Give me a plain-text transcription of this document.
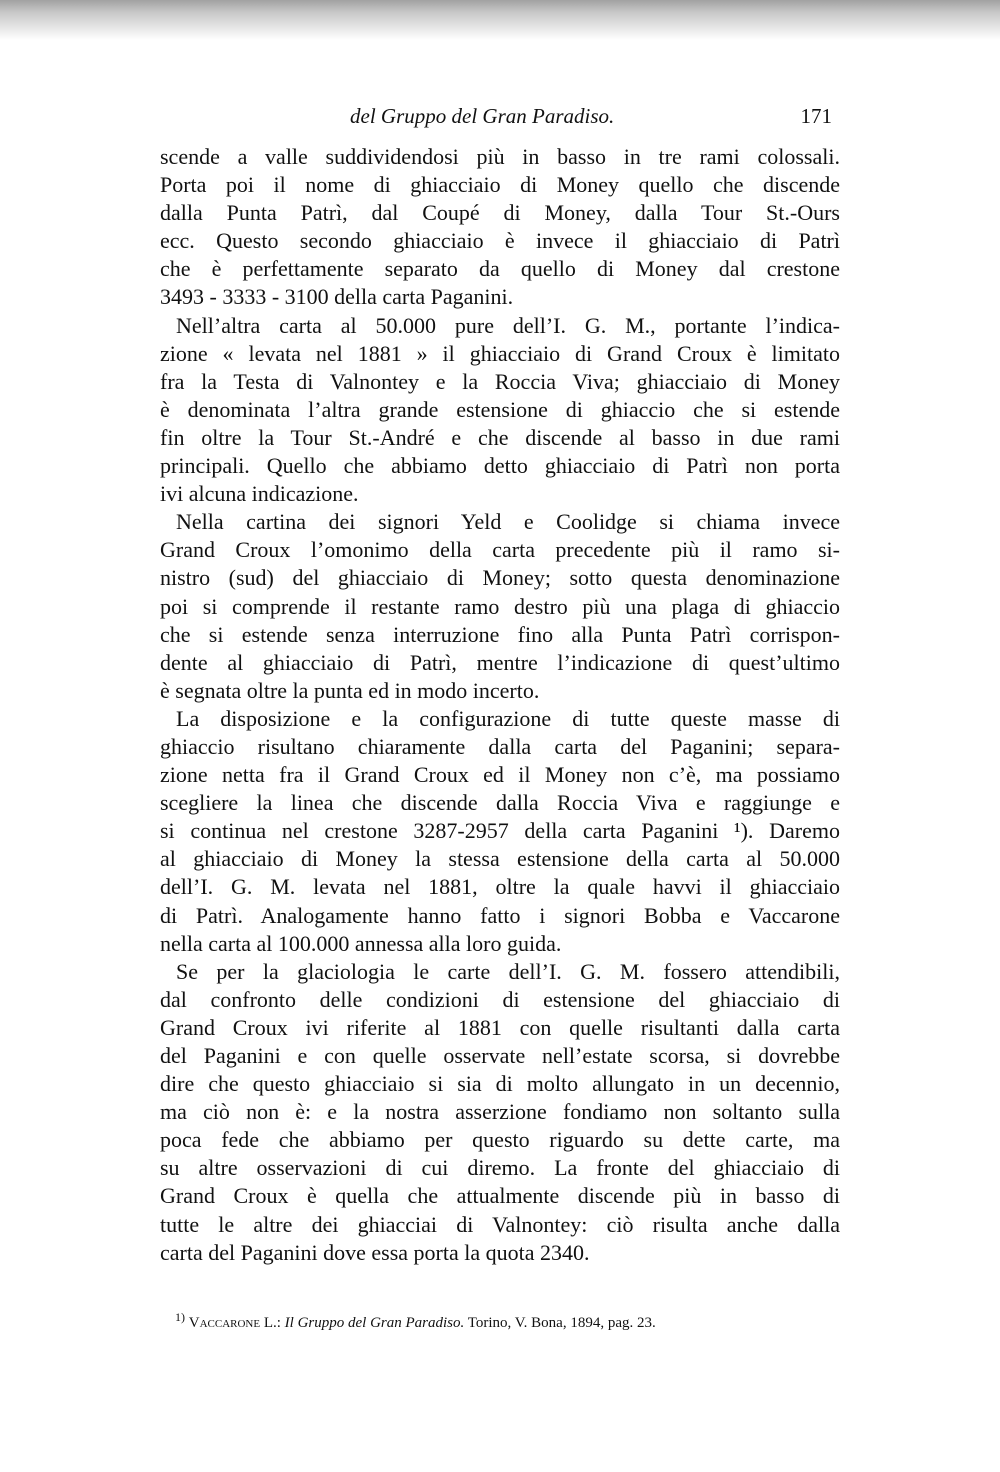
del Gruppo del Gran Paradiso.	171
scende a valle suddividendosi più in basso in tre rami colossali.
Porta poi il nome di ghiacciaio di Money quello che discende
dalla Punta Patrì, dal Coupé di Money, dalla Tour St.-Ours
ecc. Questo secondo ghiacciaio è invece il ghiacciaio di Patrì
che è perfettamente separato da quello di Money dal crestone
3493 - 3333 - 3100 della carta Paganini.
Nell’altra carta al 50.000 pure dell’I. G. M., portante l’indica-
zione « levata nel 1881 » il ghiacciaio di Grand Croux è limitato
fra la Testa di Valnontey e la Roccia Viva; ghiacciaio di Money
è denominata l’altra grande estensione di ghiaccio che si estende
fin oltre la Tour St.-André e che discende al basso in due rami
principali. Quello che abbiamo detto ghiacciaio di Patrì non porta
ivi alcuna indicazione.
Nella cartina dei signori Yeld e Coolidge si chiama invece
Grand Croux l’omonimo della carta precedente più il ramo si-
nistro (sud) del ghiacciaio di Money; sotto questa denominazione
poi si comprende il restante ramo destro più una plaga di ghiaccio
che si estende senza interruzione fino alla Punta Patrì corrispon-
dente al ghiacciaio di Patrì, mentre l’indicazione di quest’ultimo
è segnata oltre la punta ed in modo incerto.
La disposizione e la configurazione di tutte queste masse di
ghiaccio risultano chiaramente dalla carta del Paganini; separa-
zione netta fra il Grand Croux ed il Money non c’è, ma possiamo
scegliere la linea che discende dalla Roccia Viva e raggiunge e
si continua nel crestone 3287-2957 della carta Paganini ¹). Daremo
al ghiacciaio di Money la stessa estensione della carta al 50.000
dell’I. G. M. levata nel 1881, oltre la quale havvi il ghiacciaio
di Patrì. Analogamente hanno fatto i signori Bobba e Vaccarone
nella carta al 100.000 annessa alla loro guida.
Se per la glaciologia le carte dell’I. G. M. fossero attendibili,
dal confronto delle condizioni di estensione del ghiacciaio di
Grand Croux ivi riferite al 1881 con quelle risultanti dalla carta
del Paganini e con quelle osservate nell’estate scorsa, si dovrebbe
dire che questo ghiacciaio si sia di molto allungato in un decennio,
ma ciò non è: e la nostra asserzione fondiamo non soltanto sulla
poca fede che abbiamo per questo riguardo su dette carte, ma
su altre osservazioni di cui diremo. La fronte del ghiacciaio di
Grand Croux è quella che attualmente discende più in basso di
tutte le altre dei ghiacciai di Valnontey: ciò risulta anche dalla
carta del Paganini dove essa porta la quota 2340.
$^{1)}$ Vaccarone L.: Il Gruppo del Gran Paradiso. Torino, V. Bona, 1894, pag. 23.
